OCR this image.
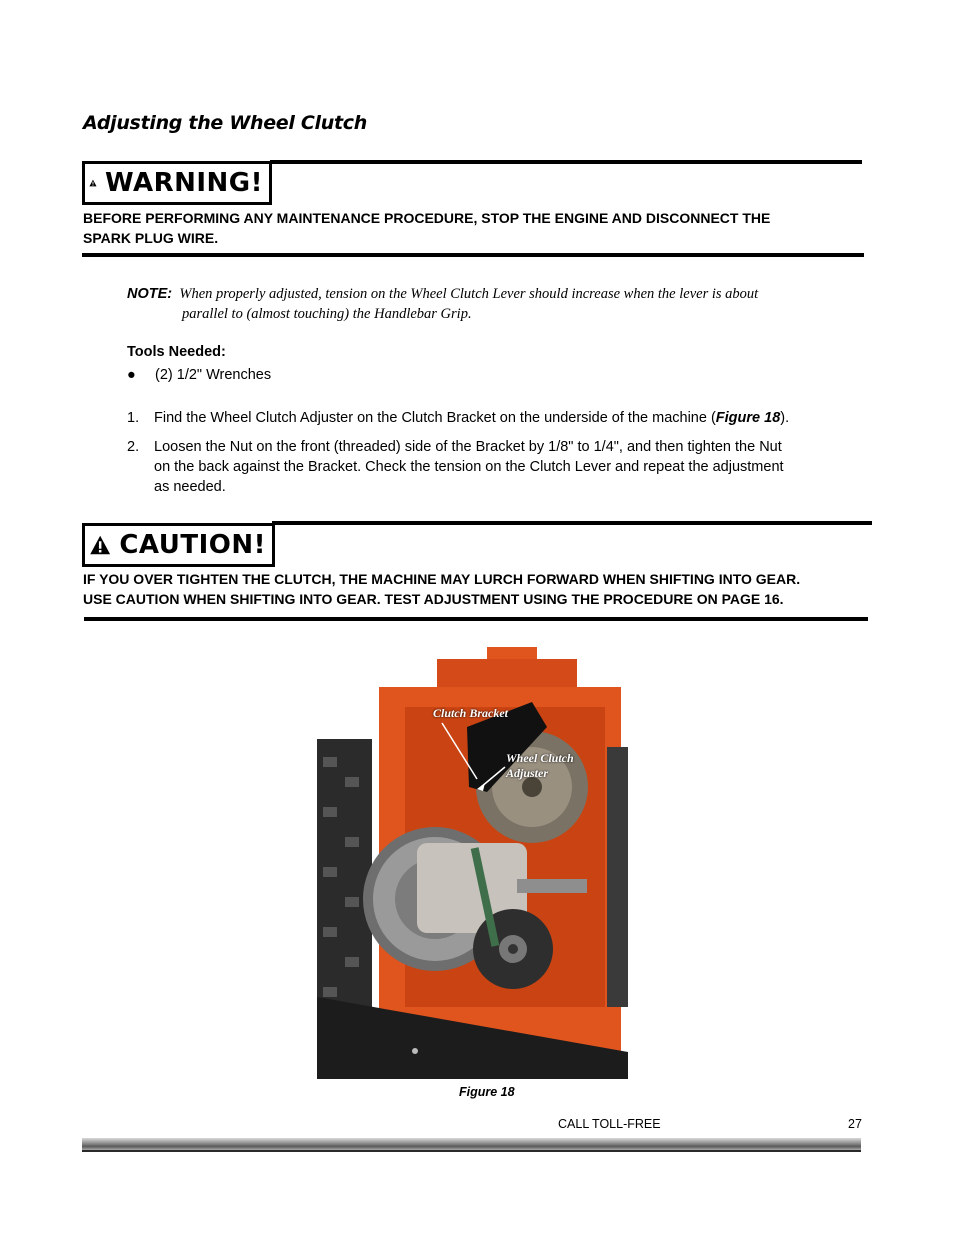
Adjusting the Wheel Clutch
WARNING!
BEFORE PERFORMING ANY MAINTENANCE PROCEDURE, STOP THE ENGINE AND DISCONNECT THE
SPARK PLUG WIRE.
NOTE: When properly adjusted, tension on the Wheel Clutch Lever should increase when the lever is about
parallel to (almost touching) the Handlebar Grip.
Tools Needed:
● (2) 1/2" Wrenches
1.	Find the Wheel Clutch Adjuster on the Clutch Bracket on the underside of the machine (Figure 18).
2.	Loosen the Nut on the front (threaded) side of the Bracket by 1/8" to 1/4", and then tighten the Nut
on the back against the Bracket. Check the tension on the Clutch Lever and repeat the adjustment
as needed.
CAUTION!
IF YOU OVER TIGHTEN THE CLUTCH, THE MACHINE MAY LURCH FORWARD WHEN SHIFTING INTO GEAR.
USE CAUTION WHEN SHIFTING INTO GEAR. TEST ADJUSTMENT USING THE PROCEDURE ON PAGE 16.
Clutch Bracket
Wheel Clutch
Adjuster
Figure 18
CALL TOLL-FREE	27
